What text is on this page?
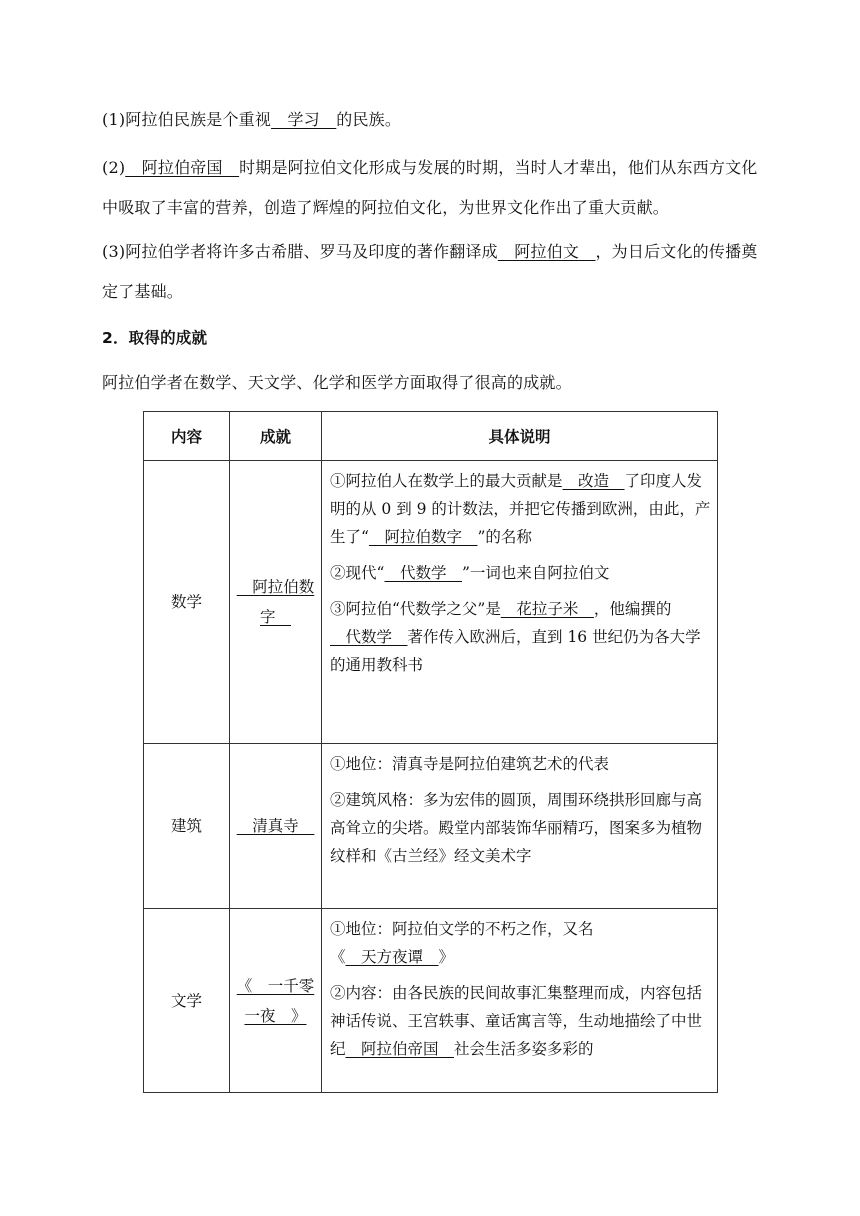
(1)阿拉伯民族是个重视__学习__的民族。
(2)__阿拉伯帝国__时期是阿拉伯文化形成与发展的时期，当时人才辈出，他们从东西方文化中吸取了丰富的营养，创造了辉煌的阿拉伯文化，为世界文化作出了重大贡献。
(3)阿拉伯学者将许多古希腊、罗马及印度的著作翻译成__阿拉伯文__，为日后文化的传播奠定了基础。
2．取得的成就
阿拉伯学者在数学、天文学、化学和医学方面取得了很高的成就。
内容	成就	具体说明
数学	__阿拉伯数字__	①阿拉伯人在数学上的最大贡献是__改造__了印度人发明的从 0 到 9 的计数法，并把它传播到欧洲，由此，产生了“__阿拉伯数字__”的名称
②现代“__代数学__”一词也来自阿拉伯文
③阿拉伯“代数学之父”是__花拉子米__，他编撰的__代数学__著作传入欧洲后，直到 16 世纪仍为各大学的通用教科书

建筑	__清真寺__	①地位：清真寺是阿拉伯建筑艺术的代表
②建筑风格：多为宏伟的圆顶，周围环绕拱形回廊与高高耸立的尖塔。殿堂内部装饰华丽精巧，图案多为植物纹样和《古兰经》经文美术字

文学	《__一千零一夜__》	①地位：阿拉伯文学的不朽之作，又名《__天方夜谭__》
②内容：由各民族的民间故事汇集整理而成，内容包括神话传说、王宫轶事、童话寓言等，生动地描绘了中世纪__阿拉伯帝国__社会生活多姿多彩的
